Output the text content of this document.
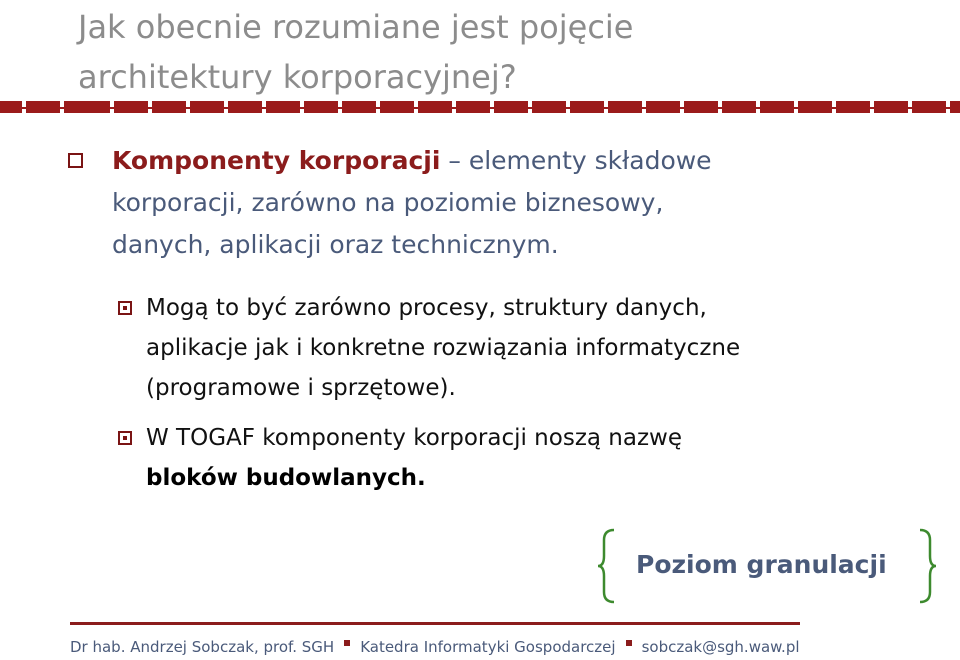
Jak obecnie rozumiane jest pojęcie
architektury korporacyjnej?
Komponenty korporacji – elementy składowe
korporacji, zarówno na poziomie biznesowy,
danych, aplikacji oraz technicznym.
Mogą to być zarówno procesy, struktury danych,
aplikacje jak i konkretne rozwiązania informatyczne
(programowe i sprzętowe).
W TOGAF komponenty korporacji noszą nazwę
bloków budowlanych.
Poziom granulacji
Dr hab. Andrzej Sobczak, prof. SGH Katedra Informatyki Gospodarczej sobczak@sgh.waw.pl
